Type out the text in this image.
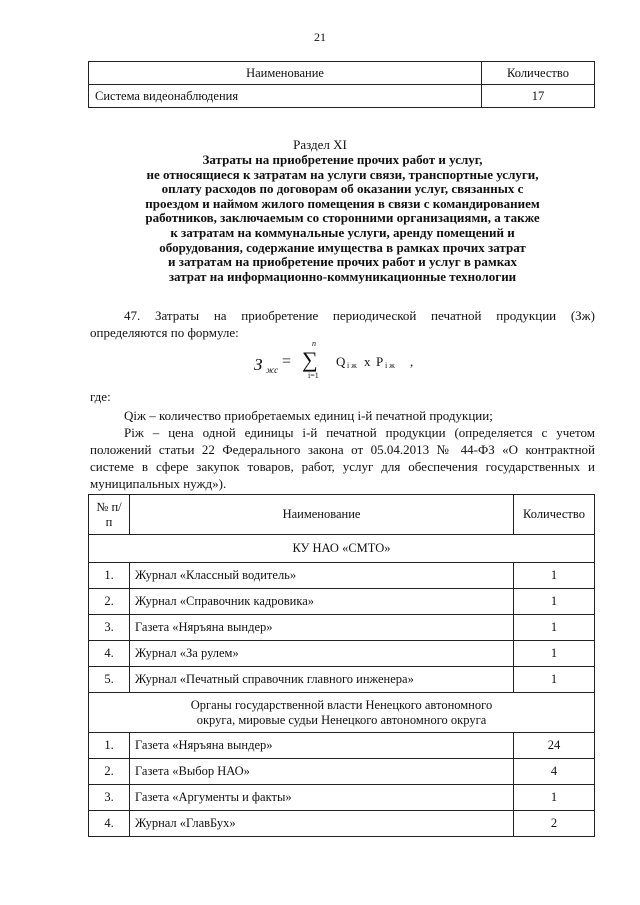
21
Наименование	Количество
Система видеонаблюдения	17
Раздел XI
Затраты на приобретение прочих работ и услуг,
не относящиеся к затратам на услуги связи, транспортные услуги,
оплату расходов по договорам об оказании услуг, связанных с
проездом и наймом жилого помещения в связи с командированием
работников, заключаемым со сторонними организациями, а также
к затратам на коммунальные услуги, аренду помещений и
оборудования, содержание имущества в рамках прочих затрат
и затратам на приобретение прочих работ и услуг в рамках
затрат на информационно-коммуникационные технологии
47. Затраты на приобретение периодической печатной продукции (Зж) определяются по формуле:
З жс =
n
∑
i=1
Q i ж x P i ж ,
где:
Qiж – количество приобретаемых единиц i-й печатной продукции;
Piж – цена одной единицы i-й печатной продукции (определяется с учетом положений статьи 22 Федерального закона от 05.04.2013 № 44-ФЗ «О контрактной системе в сфере закупок товаров, работ, услуг для обеспечения государственных и муниципальных нужд»).
№ п/п	Наименование	Количество
КУ НАО «СМТО»		
1.	Журнал «Классный водитель»	1
2.	Журнал «Справочник кадровика»	1
3.	Газета «Няръяна вындер»	1
4.	Журнал «За рулем»	1
5.	Журнал «Печатный справочник главного инженера»	1
Органы государственной власти Ненецкого автономного округа, мировые судьи Ненецкого автономного округа		
1.	Газета «Няръяна вындер»	24
2.	Газета «Выбор НАО»	4
3.	Газета «Аргументы и факты»	1
4.	Журнал «ГлавБух»	2
